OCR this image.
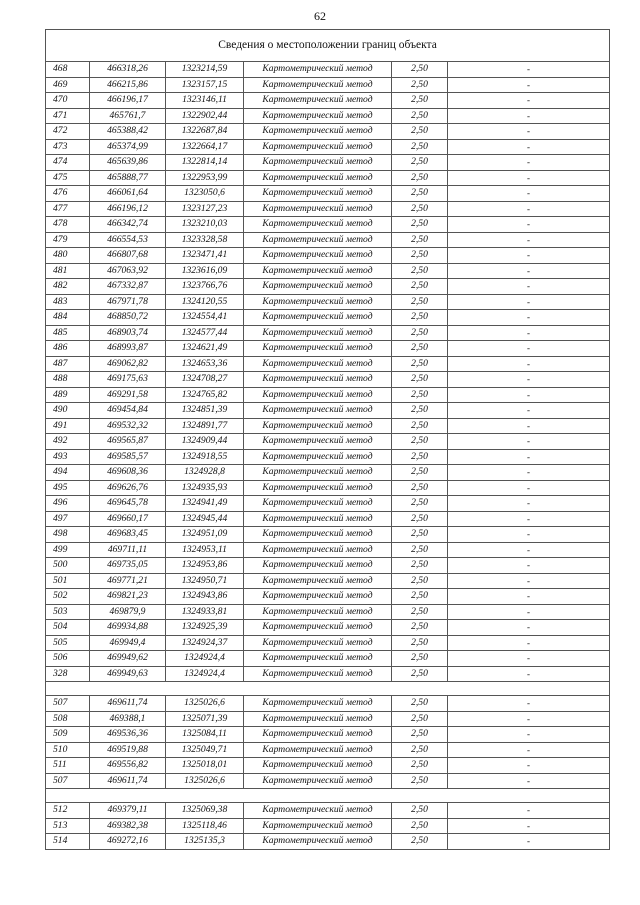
62
Сведения о местоположении границ объекта					
468	466318,26	1323214,59	Картометрический метод	2,50	-
469	466215,86	1323157,15	Картометрический метод	2,50	-
470	466196,17	1323146,11	Картометрический метод	2,50	-
471	465761,7	1322902,44	Картометрический метод	2,50	-
472	465388,42	1322687,84	Картометрический метод	2,50	-
473	465374,99	1322664,17	Картометрический метод	2,50	-
474	465639,86	1322814,14	Картометрический метод	2,50	-
475	465888,77	1322953,99	Картометрический метод	2,50	-
476	466061,64	1323050,6	Картометрический метод	2,50	-
477	466196,12	1323127,23	Картометрический метод	2,50	-
478	466342,74	1323210,03	Картометрический метод	2,50	-
479	466554,53	1323328,58	Картометрический метод	2,50	-
480	466807,68	1323471,41	Картометрический метод	2,50	-
481	467063,92	1323616,09	Картометрический метод	2,50	-
482	467332,87	1323766,76	Картометрический метод	2,50	-
483	467971,78	1324120,55	Картометрический метод	2,50	-
484	468850,72	1324554,41	Картометрический метод	2,50	-
485	468903,74	1324577,44	Картометрический метод	2,50	-
486	468993,87	1324621,49	Картометрический метод	2,50	-
487	469062,82	1324653,36	Картометрический метод	2,50	-
488	469175,63	1324708,27	Картометрический метод	2,50	-
489	469291,58	1324765,82	Картометрический метод	2,50	-
490	469454,84	1324851,39	Картометрический метод	2,50	-
491	469532,32	1324891,77	Картометрический метод	2,50	-
492	469565,87	1324909,44	Картометрический метод	2,50	-
493	469585,57	1324918,55	Картометрический метод	2,50	-
494	469608,36	1324928,8	Картометрический метод	2,50	-
495	469626,76	1324935,93	Картометрический метод	2,50	-
496	469645,78	1324941,49	Картометрический метод	2,50	-
497	469660,17	1324945,44	Картометрический метод	2,50	-
498	469683,45	1324951,09	Картометрический метод	2,50	-
499	469711,11	1324953,11	Картометрический метод	2,50	-
500	469735,05	1324953,86	Картометрический метод	2,50	-
501	469771,21	1324950,71	Картометрический метод	2,50	-
502	469821,23	1324943,86	Картометрический метод	2,50	-
503	469879,9	1324933,81	Картометрический метод	2,50	-
504	469934,88	1324925,39	Картометрический метод	2,50	-
505	469949,4	1324924,37	Картометрический метод	2,50	-
506	469949,62	1324924,4	Картометрический метод	2,50	-
328	469949,63	1324924,4	Картометрический метод	2,50	-

507	469611,74	1325026,6	Картометрический метод	2,50	-
508	469388,1	1325071,39	Картометрический метод	2,50	-
509	469536,36	1325084,11	Картометрический метод	2,50	-
510	469519,88	1325049,71	Картометрический метод	2,50	-
511	469556,82	1325018,01	Картометрический метод	2,50	-
507	469611,74	1325026,6	Картометрический метод	2,50	-

512	469379,11	1325069,38	Картометрический метод	2,50	-
513	469382,38	1325118,46	Картометрический метод	2,50	-
514	469272,16	1325135,3	Картометрический метод	2,50	-
